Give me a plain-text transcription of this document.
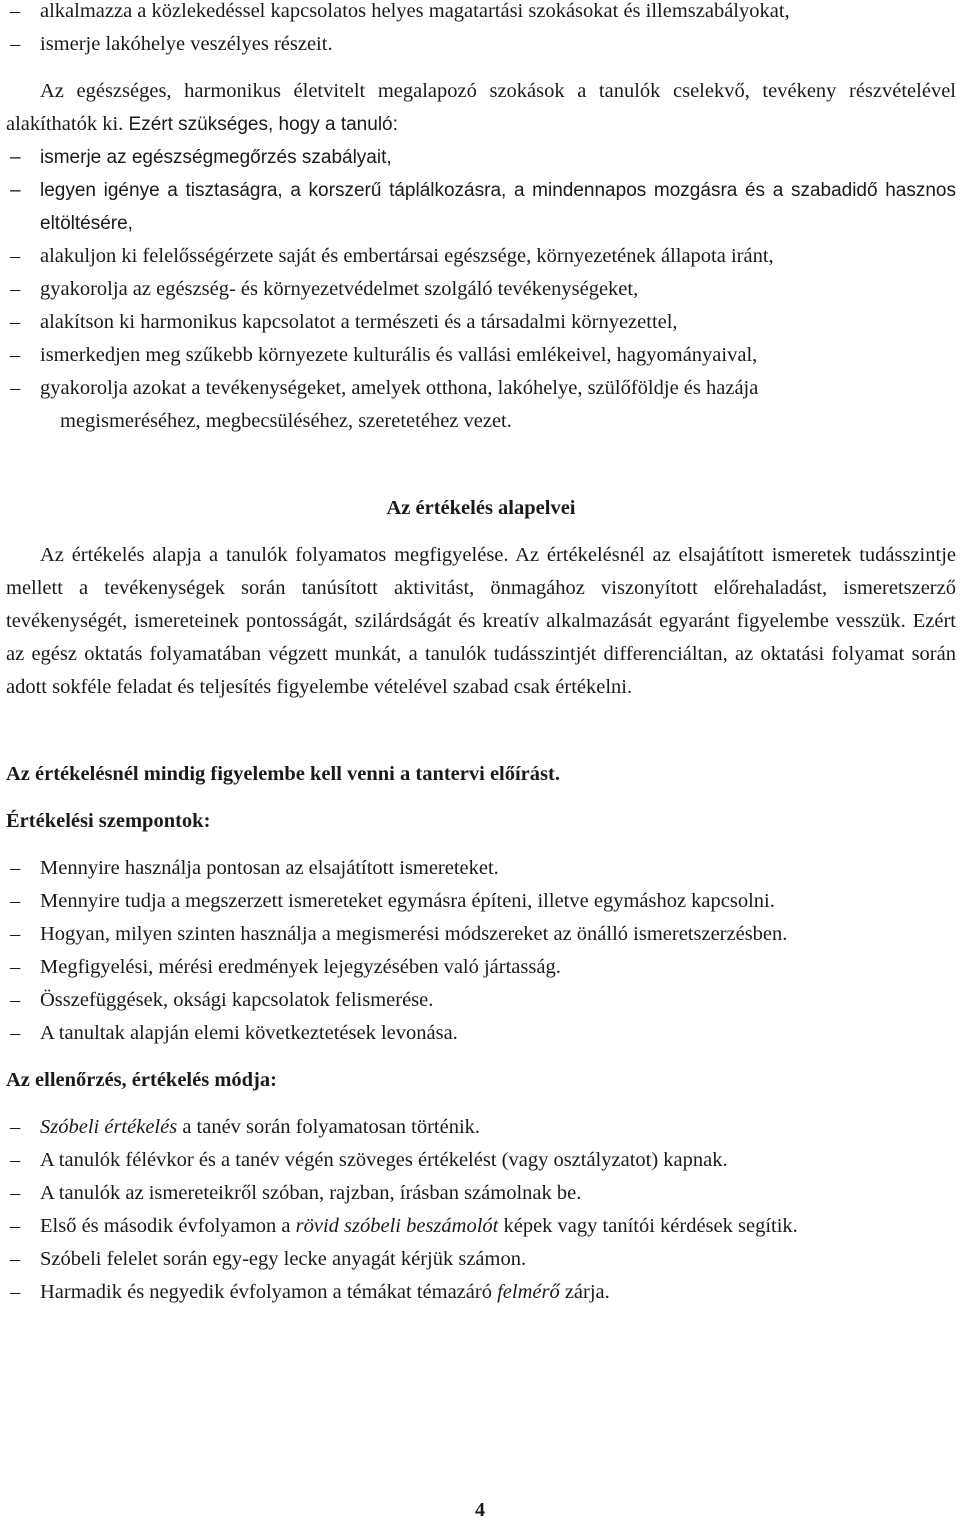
– alkalmazza a közlekedéssel kapcsolatos helyes magatartási szokásokat és illemszabályokat,
– ismerje lakóhelye veszélyes részeit.

Az egészséges, harmonikus életvitelt megalapozó szokások a tanulók cselekvő, tevékeny részvételével alakíthatók ki. Ezért szükséges, hogy a tanuló:

– ismerje az egészségmegőrzés szabályait,
– legyen igénye a tisztaságra, a korszerű táplálkozásra, a mindennapos mozgásra és a szabadidő hasznos eltöltésére,
– alakuljon ki felelősségérzete saját és embertársai egészsége, környezetének állapota iránt,
– gyakorolja az egészség- és környezetvédelmet szolgáló tevékenységeket,
– alakítson ki harmonikus kapcsolatot a természeti és a társadalmi környezettel,
– ismerkedjen meg szűkebb környezete kulturális és vallási emlékeivel, hagyományaival,
– gyakorolja azokat a tevékenységeket, amelyek otthona, lakóhelye, szülőföldje és hazája
megismeréséhez, megbecsüléséhez, szeretetéhez vezet.

Az értékelés alapelvei

Az értékelés alapja a tanulók folyamatos megfigyelése. Az értékelésnél az elsajátított ismeretek tudásszintje mellett a tevékenységek során tanúsított aktivitást, önmagához viszonyított előrehaladást, ismeretszerző tevékenységét, ismereteinek pontosságát, szilárdságát és kreatív alkalmazását egyaránt figyelembe vesszük. Ezért az egész oktatás folyamatában végzett munkát, a tanulók tudásszintjét differenciáltan, az oktatási folyamat során adott sokféle feladat és teljesítés figyelembe vételével szabad csak értékelni.

Az értékelésnél mindig figyelembe kell venni a tantervi előírást.

Értékelési szempontok:

– Mennyire használja pontosan az elsajátított ismereteket.
– Mennyire tudja a megszerzett ismereteket egymásra építeni, illetve egymáshoz kapcsolni.
– Hogyan, milyen szinten használja a megismerési módszereket az önálló ismeretszerzésben.
– Megfigyelési, mérési eredmények lejegyzésében való jártasság.
– Összefüggések, oksági kapcsolatok felismerése.
– A tanultak alapján elemi következtetések levonása.

Az ellenőrzés, értékelés módja:

– Szóbeli értékelés a tanév során folyamatosan történik.
– A tanulók félévkor és a tanév végén szöveges értékelést (vagy osztályzatot) kapnak.
– A tanulók az ismereteikről szóban, rajzban, írásban számolnak be.
– Első és második évfolyamon a rövid szóbeli beszámolót képek vagy tanítói kérdések segítik.
– Szóbeli felelet során egy-egy lecke anyagát kérjük számon.
– Harmadik és negyedik évfolyamon a témákat témazáró felmérő zárja.
4
